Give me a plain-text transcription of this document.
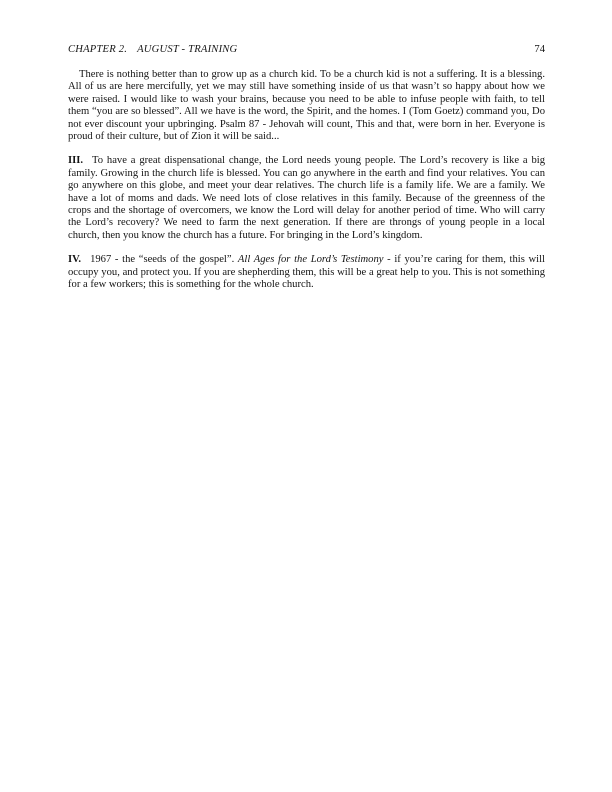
CHAPTER 2. AUGUST - TRAINING	74

There is nothing better than to grow up as a church kid. To be a church kid is not a suffering. It is a blessing. All of us are here mercifully, yet we may still have something inside of us that wasn’t so happy about how we were raised. I would like to wash your brains, because you need to be able to infuse people with faith, to tell them “you are so blessed”. All we have is the word, the Spirit, and the homes. I (Tom Goetz) command you, Do not ever discount your upbringing. Psalm 87 - Jehovah will count, This and that, were born in her. Everyone is proud of their culture, but of Zion it will be said...

III. To have a great dispensational change, the Lord needs young people. The Lord’s recovery is like a big family. Growing in the church life is blessed. You can go anywhere in the earth and find your relatives. You can go anywhere on this globe, and meet your dear relatives. The church life is a family life. We are a family. We have a lot of moms and dads. We need lots of close relatives in this family. Because of the greenness of the crops and the shortage of overcomers, we know the Lord will delay for another period of time. Who will carry the Lord’s recovery? We need to farm the next generation. If there are throngs of young people in a local church, then you know the church has a future. For bringing in the Lord’s kingdom.

IV. 1967 - the “seeds of the gospel”. All Ages for the Lord’s Testimony - if you’re caring for them, this will occupy you, and protect you. If you are shepherding them, this will be a great help to you. This is not something for a few workers; this is something for the whole church.
